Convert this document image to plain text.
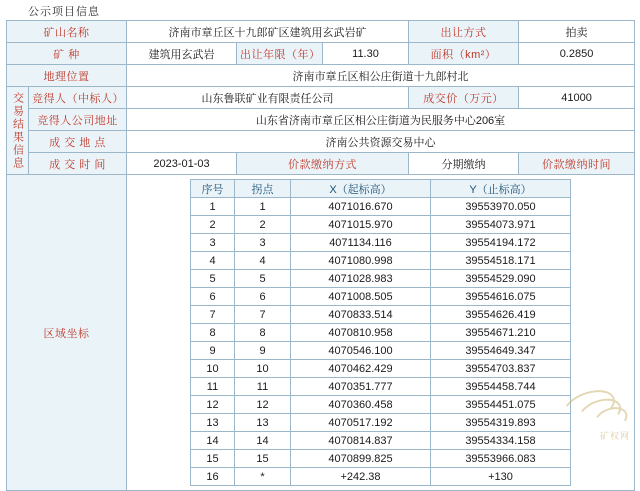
公示项目信息
矿山名称	济南市章丘区十九郎矿区建筑用玄武岩矿	出让方式	拍卖
矿 种	建筑用玄武岩	出让年限（年）	11.30	面积（km²）	0.2850
地理位置	济南市章丘区相公庄街道十九郎村北

交易结果信息	竞得人（中标人）	山东鲁联矿业有限责任公司	成交价（万元）	41000
竞得人公司地址	山东省济南市章丘区相公庄街道为民服务中心206室
成 交 地 点	济南公共资源交易中心
成 交 时 间	2023-01-03	价款缴纳方式	分期缴纳	价款缴纳时间	
区域坐标	
序号	拐点	X（起标高）	Y（止标高）
1	1	4071016.670	39553970.050
2	2	4071015.970	39554073.971
3	3	4071134.116	39554194.172
4	4	4071080.998	39554518.171
5	5	4071028.983	39554529.090
6	6	4071008.505	39554616.075
7	7	4070833.514	39554626.419
8	8	4070810.958	39554671.210
9	9	4070546.100	39554649.347
10	10	4070462.429	39554703.837
11	11	4070351.777	39554458.744
12	12	4070360.458	39554451.075
13	13	4070517.192	39554319.893
14	14	4070814.837	39554334.158
15	15	4070899.825	39553966.083
16	*	+242.38	+130
矿权网
